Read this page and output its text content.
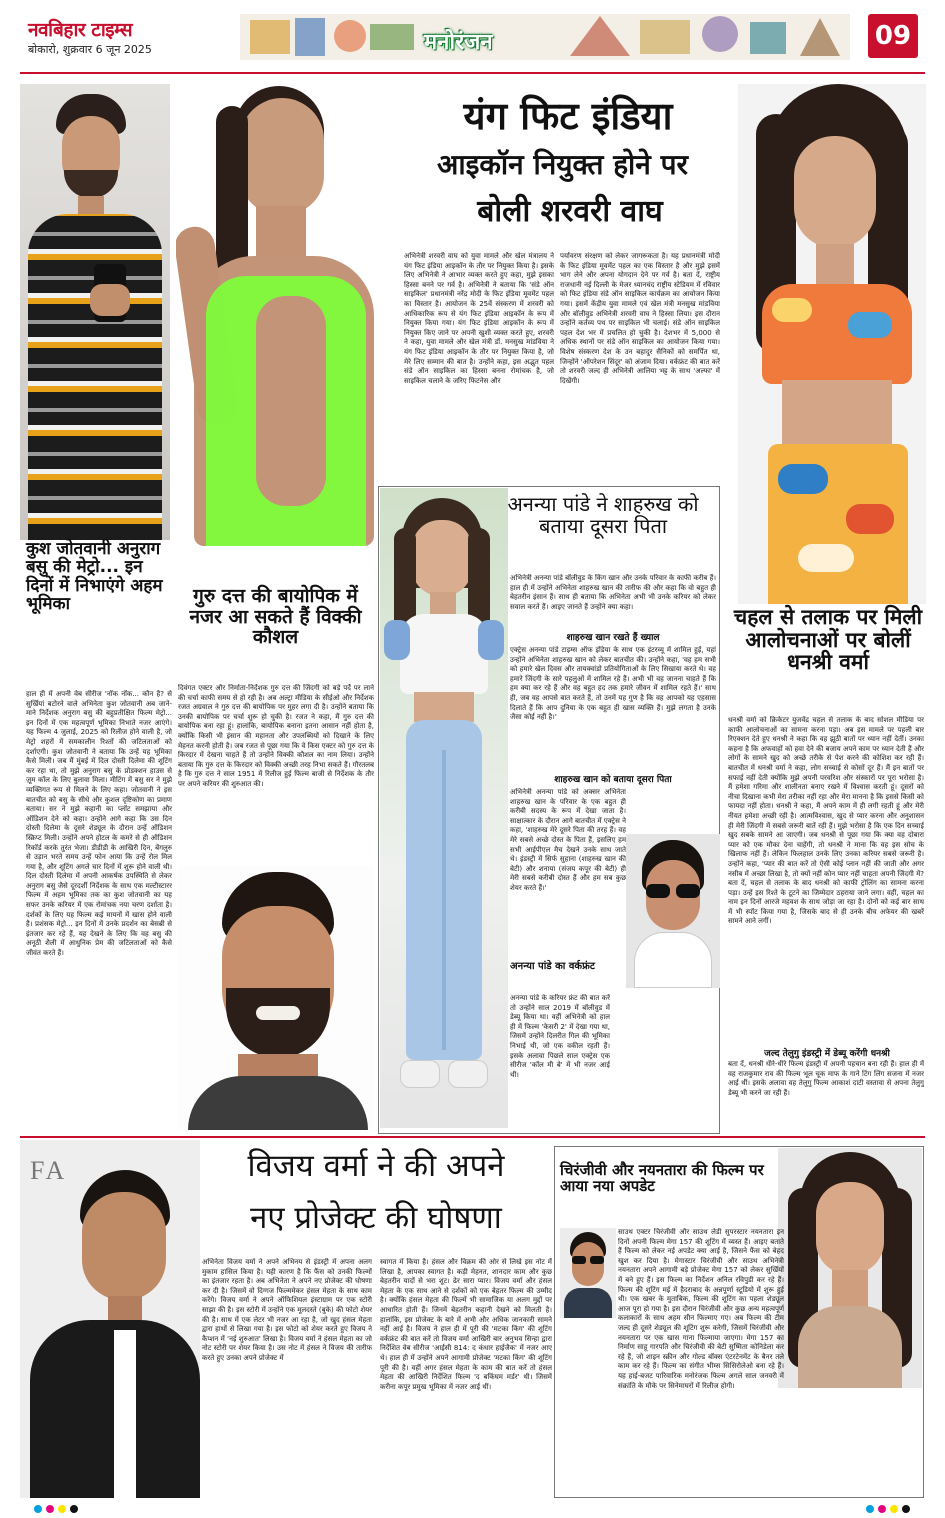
नवबिहार टाइम्स
बोकारो, शुक्रवार 6 जून 2025	मनोरंजन	09
कुश जोतवानी अनुराग बसु की मेट्रो... इन दिनों में निभाएंगे अहम भूमिका
हाल ही में अपनी वेब सीरीज 'नॉक नॉक... कौन है? से सुर्खियां बटोरने वाले अभिनेता कुश जोतवानी अब जाने-माने निर्देशक अनुराग बसु की बहुप्रतीक्षित फिल्म मेट्रो... इन दिनों में एक महत्वपूर्ण भूमिका निभाते नजर आएंगे। यह फिल्म 4 जुलाई, 2025 को रिलीज होने वाली है, जो मेट्रो शहरों में समकालीन रिश्तों की जटिलताओं को दर्शाएगी। कुश जोतवानी ने बताया कि उन्हें यह भूमिका कैसे मिली। जब मैं मुंबई में दिल दोस्ती दिलेमा की शूटिंग कर रहा था, तो मुझे अनुराग बसु के प्रोडक्शन हाउस से ज़ूम कॉल के लिए बुलावा मिला। मीटिंग में बसु सर ने मुझे व्यक्तिगत रूप से मिलने के लिए कहा। जोतवानी ने इस बातचीत को बसु के सीधे और कुशल दृष्टिकोण का प्रमाण बताया। सर ने मुझे कहानी का प्लॉट समझाया और ऑडिशन देने को कहा। उन्होंने आगे कहा कि उस दिन दोस्ती दिलेमा के दूसरे शेड्यूल के दौरान उन्हें ऑडिशन स्क्रिप्ट मिली। उन्होंने अपने होटल के कमरे से ही ऑडिशन रिकॉर्ड करके तुरंत भेजा। डीडीडी के आखिरी दिन, बेंगलुरु से उड़ान भरते समय उन्हें फोन आया कि उन्हें रोल मिल गया है, और शूटिंग अगले चार दिनों में शुरू होने वाली थी। दिल दोस्ती दिलेमा में अपनी आकर्षक उपस्थिति से लेकर अनुराग बसु जैसे दूरदर्शी निर्देशक के साथ एक मल्टीस्टारर फिल्म में अहम भूमिका तक का कुश जोतवानी का यह सफर उनके करियर में एक रोमांचक नया चरण दर्शाता है। दर्शकों के लिए यह फिल्म कई मायनों में खास होने वाली है। प्रशंसक मेट्रो... इन दिनों में उनके प्रदर्शन का बेसब्री से इंतजार कर रहे हैं, यह देखने के लिए कि वह बसु की अनूठी शैली में आधुनिक प्रेम की जटिलताओं को कैसे जीवंत करते हैं।
यंग फिट इंडिया
आइकॉन नियुक्त होने पर
बोली शरवरी वाघ
अभिनेत्री शरवरी वाघ को युवा मामले और खेल मंत्रालय ने यंग फिट इंडिया आइकॉन के तौर पर नियुक्त किया है। इसके लिए अभिनेत्री ने आभार व्यक्त करते हुए कहा, मुझे इसका हिस्सा बनने पर गर्व है। अभिनेत्री ने बताया कि 'संडे ऑन साइकिल' प्रधानमंत्री नरेंद्र मोदी के फिट इंडिया मूवमेंट पहल का विस्तार है। आयोजन के 25वें संस्करण में शरवरी को आधिकारिक रूप से यंग फिट इंडिया आइकॉन के रूप में नियुक्त किया गया। यंग फिट इंडिया आइकॉन के रूप में नियुक्त किए जाने पर अपनी खुशी व्यक्त करते हुए, शरवरी ने कहा, युवा मामले और खेल मंत्री डॉ. मनसुख मांडविया ने यंग फिट इंडिया आइकॉन के तौर पर नियुक्त किया है, जो मेरे लिए सम्मान की बात है। उन्होंने कहा, इस अद्भुत पहल संडे ऑन साइकिल का हिस्सा बनना रोमांचक है, जो साइकिल चलाने के जरिए फिटनेस और
पर्यावरण संरक्षण को लेकर जागरूकता है। यह प्रधानमंत्री मोदी के फिट इंडिया मूवमेंट पहल का एक विस्तार है और मुझे इसमें भाग लेने और अपना योगदान देने पर गर्व है। बता दें, राष्ट्रीय राजधानी नई दिल्ली के मेजर ध्यानचंद राष्ट्रीय स्टेडियम में रविवार को फिट इंडिया संडे ऑन साइकिल कार्यक्रम का आयोजन किया गया। इसमें केंद्रीय युवा मामले एवं खेल मंत्री मनसुख मांडविया और बॉलीवुड अभिनेत्री शरवरी वाघ ने हिस्सा लिया। इस दौरान उन्होंने कर्तव्य पथ पर साइकिल भी चलाई। संडे ऑन साइकिल पहल देश भर में प्रचलित हो चुकी है। देशभर में 5,000 से अधिक स्थानों पर संडे ऑन साइकिल का आयोजन किया गया। विशेष संस्करण देश के उन बहादुर सैनिकों को समर्पित था, जिन्होंने 'ऑपरेशन सिंदूर' को अंजाम दिया। वर्कफ्रंट की बात करें तो शरवरी जल्द ही अभिनेत्री आलिया भट्ट के साथ 'अल्फा' में दिखेंगी।
चहल से तलाक पर मिली आलोचनाओं पर बोलीं धनश्री वर्मा
धनश्री वर्मा को क्रिकेटर युजवेंद्र चहल से तलाक के बाद सोशल मीडिया पर काफी आलोचनाओं का सामना करना पड़ा। अब इस मामले पर पहली बार रिएक्शन देते हुए धनश्री ने कहा कि वह झूठी बातों पर ध्यान नहीं देतीं। उनका कहना है कि अफवाहों को हवा देने की बजाय अपने काम पर ध्यान देती हैं और लोगों के सामने खुद को अच्छे तरीके से पेश करने की कोशिश कर रही हैं। बातचीत में धनश्री वर्मा ने कहा, लोग सच्चाई से कोसों दूर हैं। मैं इन बातों पर सफाई नहीं देती क्योंकि मुझे अपनी परवरिश और संस्कारों पर पूरा भरोसा है। मैं हमेशा गरिमा और शालीनता बनाए रखने में विश्वास करती हूं। दूसरों को नीचा दिखाना कभी मेरा तरीका नहीं रहा और मेरा मानना है कि इससे किसी को फायदा नहीं होता। धनश्री ने कहा, मैं अपने काम में ही लगी रहती हूं और मेरी नीयत हमेशा अच्छी रही है। आत्मविश्वास, खुद से प्यार करना और अनुशासन ही मेरी जिंदगी में सबसे जरूरी बातें रही हैं। मुझे भरोसा है कि एक दिन सच्चाई खुद सबके सामने आ जाएगी। जब धनश्री से पूछा गया कि क्या वह दोबारा प्यार को एक मौका देना चाहेंगी, तो धनश्री ने माना कि वह इस सोच के खिलाफ नहीं हैं। लेकिन फिलहाल उनके लिए उनका करियर सबसे जरूरी है। उन्होंने कहा, 'प्यार की बात करें तो ऐसी कोई प्लान नहीं की जाती और अगर नसीब में अच्छा लिखा है, तो क्यों नहीं कोन प्यार नहीं चाहता अपनी जिंदगी में? बता दें, चहल से तलाक के बाद धनश्री को काफी ट्रोलिंग का सामना करना पड़ा। उन्हें इस रिश्ते के टूटने का जिम्मेदार ठहराया जाने लगा। वहीं, चहल का नाम इन दिनों आरजे महवश के साथ जोड़ा जा रहा है। दोनों को कई बार साथ में भी स्पॉट किया गया है, जिसके बाद से ही उनके बीच अफेयर की खबरें सामने आने लगीं।
जल्द तेलुगु इंडस्ट्री में डेब्यू करेंगी धनश्री
बता दें, धनश्री धीरे-धीरे फिल्म इंडस्ट्री में अपनी पहचान बना रही हैं। हाल ही में वह राजकुमार राव की फिल्म भूल चूक माफ के गाने टिंग लिंग सजना में नजर आई थीं। इसके अलावा वह तेलुगु फिल्म आकाशं दाटी वस्तावा से अपना तेलुगु डेब्यू भी करने जा रही हैं।
गुरु दत्त की बायोपिक में नजर आ सकते हैं विक्की कौशल
दिवंगत एक्टर और निर्माता-निर्देशक गुरु दत्त की जिंदगी को बड़े पर्दे पर लाने की चर्चा काफी समय से हो रही है। अब अल्ट्रा मीडिया के सीईओ और निर्देशक रजत अग्रवाल ने गुरु दत्त की बायोपिक पर मुहर लगा दी है। उन्होंने बताया कि उनकी बायोपिक पर चर्चा शुरू हो चुकी है। रजत ने कहा, मैं गुरु दत्त की बायोपिक बना रहा हूं। हालांकि, बायोपिक बनाना इतना आसान नहीं होता है, क्योंकि किसी भी इंसान की महानता और उपलब्धियों को दिखाने के लिए मेहनत करनी होती है। जब रजत से पूछा गया कि वे किस एक्टर को गुरु दत्त के किरदार में देखना चाहते हैं तो उन्होंने विक्की कौशल का नाम लिया। उन्होंने बताया कि गुरु दत्त के किरदार को विक्की अच्छी तरह निभा सकते हैं। गौरतलब है कि गुरु दत्त ने साल 1951 में रिलीज हुई फिल्म बाजी से निर्देशक के तौर पर अपने करियर की शुरुआत की।
अनन्या पांडे ने शाहरुख को बताया दूसरा पिता
अभिनेत्री अनन्या पांडे बॉलीवुड के किंग खान और उनके परिवार के काफी करीब हैं। हाल ही में उन्होंने अभिनेता शाहरुख खान की तारीफ की और कहा कि वो बहुत ही बेहतरीन इंसान हैं। साथ ही बताया कि अभिनेता अभी भी उनके करियर को लेकर सवाल करते हैं। आइए जानते हैं उन्होंने क्या कहा।
शाहरुख खान रखते हैं ख्याल
एक्ट्रेस अनन्या पांडे टाइम्स ऑफ इंडिया के साथ एक इंटरव्यू में शामिल हुईं, यहां उन्होंने अभिनेता शाहरुख खान को लेकर बातचीत की। उन्होंने कहा, 'वह हम सभी को हमारे खेल दिवस और तायक्वांडो प्रतियोगिताओं के लिए सिखाया करते थे। वह हमारे जिंदगी के सारे पहलुओं में शामिल रहे हैं। अभी भी वह जानना चाहते हैं कि हम क्या कर रहे हैं और वह बहुत हद तक हमारे जीवन में शामिल रहते हैं।' साथ ही, जब वह आपसे बात करते हैं, तो उनमें यह गुण है कि वह आपको यह एहसास दिलाते हैं कि आप दुनिया के एक बहुत ही खास व्यक्ति हैं। मुझे लगता है उनके जैसा कोई नहीं है।'
शाहरुख खान को बताया दूसरा पिता
अभिनेत्री अनन्या पांडे को अक्सर अभिनेता शाहरुख खान के परिवार के एक बहुत ही करीबी सदस्य के रूप में देखा जाता है। साक्षात्कार के दौरान आगे बातचीत में एक्ट्रेस ने कहा, 'शाहरुख मेरे दूसरे पिता की तरह हैं। वह मेरे सबसे अच्छे दोस्त के पिता हैं, इसलिए हम सभी आईपीएल मैच देखने उनके साथ जाते थे। इंडस्ट्री में सिर्फ सुहाना (शाहरुख खान की बेटी) और शनाया (संजय कपूर की बेटी) ही मेरी सबसे करीबी दोस्त हैं और हम सब कुछ शेयर करते हैं।'
अनन्या पांडे का वर्कफ्रंट
अनन्या पांडे के करियर फ्रंट की बात करें तो उन्होंने साल 2019 में बॉलीवुड में डेब्यू किया था। वहीं अभिनेत्री को हाल ही में फिल्म 'केसरी 2' में देखा गया था, जिसमें उन्होंने दिलरीत गिल की भूमिका निभाई थी, जो एक वकील रहती हैं। इसके अलावा पिछले साल एक्ट्रेस एक सीरीज 'कॉल मी बे' में भी नजर आई थीं।
FA	विजय वर्मा ने की अपने
नए प्रोजेक्ट की घोषणा
अभिनेता विजय वर्मा ने अपने अभिनय से इंडस्ट्री में अपना अलग मुकाम हासिल किया है। यही कारण है कि फैंस को उनकी फिल्मों का इंतजार रहता है। अब अभिनेता ने अपने नए प्रोजेक्ट की घोषणा कर दी है। जिसमें वो दिग्गज फिल्ममेकर हंसल मेहता के साथ काम करेंगे। विजय वर्मा ने अपने ऑफिशियल इंस्टाग्राम पर एक स्टोरी साझा की है। इस स्टोरी में उन्होंने एक मूलदस्ते (बुके) की फोटो शेयर की है। साथ में एक लेटर भी नजर आ रहा है, जो खुद हंसल मेहता द्वारा हाथों से लिखा गया है। इस फोटो को शेयर करते हुए विजय ने कैप्शन में 'नई शुरुआत' लिखा है। विजय वर्मा ने हंसल मेहता का जो नोट स्टोरी पर शेयर किया है। उस नोट में हंसल ने विजय की तारीफ करते हुए उनका अपने प्रोजेक्ट में
स्वागत में किया है। हंसल और विक्रम की ओर से लिखे इस नोट में लिखा है, आपका स्वागत है। कड़ी मेहनत, शानदार काम और कुछ बेहतरीन यादों से भरा शूट। ढेर सारा प्यार। विजय वर्मा और हंसल मेहता के एक साथ आने से दर्शकों को एक बेहतर फिल्म की उम्मीद है। क्योंकि हंसल मेहता की फिल्में भी सामाजिक या अलग मुद्दों पर आधारित होती हैं। जिनमें बेहतरीन कहानी देखने को मिलती है। हालांकि, इस प्रोजेक्ट के बारे में अभी और अधिक जानकारी सामने नहीं आई है। विजय ने हाल ही में पूरी की 'मटका किंग' की शूटिंग वर्कफ्रंट की बात करें तो विजय वर्मा आखिरी बार अनुभव सिन्हा द्वारा निर्देशित वेब सीरीज 'आईसी 814: द कंधार हाईजैक' में नजर आए थे। हाल ही में उन्होंने अपने आगामी प्रोजेक्ट 'मटका किंग' की शूटिंग पूरी की है। वहीं अगर हंसल मेहता के काम की बात करें तो हंसल मेहता की आखिरी निर्देशित फिल्म 'द बकिंघम मर्डर' थी। जिसमें करीना कपूर प्रमुख भूमिका में नजर आई थीं।
चिरंजीवी और नयनतारा की फिल्म पर आया नया अपडेट
साउथ एक्टर चिरंजीवी और साउथ लेडी सुपरस्टार नयनतारा इन दिनों अपनी फिल्म मेगा 157 की शूटिंग में व्यस्त हैं। आइए बताते हैं फिल्म को लेकर नई अपडेट क्या आई है, जिसने फैंस को बेहद खुश कर दिया है। मेगास्टार चिरंजीवी और साउथ अभिनेत्री नयनतारा अपने आगामी बड़े प्रोजेक्ट मेगा 157 को लेकर सुर्खियों में बने हुए हैं। इस फिल्म का निर्देशन अनिल रविपुडी कर रहे हैं। फिल्म की शूटिंग मई में हैदराबाद के अन्नपूर्णा स्टूडियो में शुरू हुई थी। एक खबर के मुताबिक, फिल्म की शूटिंग का पहला शेड्यूल आज पूरा हो गया है। इस दौरान चिरंजीवी और कुछ अन्य महत्वपूर्ण कलाकारों के साथ अहम सीन फिल्माए गए। अब फिल्म की टीम जल्द ही दूसरे शेड्यूल की शूटिंग शुरू करेगी, जिसमें चिरंजीवी और नयनतारा पर एक खास गाना फिल्माया जाएगा। मेगा 157 का निर्माण साहू गारपति और चिरंजीवी की बेटी सुष्मिता कोनिडेला कर रहे हैं, जो शाइन स्क्रीन और गोल्ड बॉक्स एंटरटेनमेंट के बैनर तले काम कर रहे हैं। फिल्म का संगीत भीम्स सिसिरोलेओ बना रहे हैं। यह हाई-बजट पारिवारिक मनोरंजक फिल्म अगले साल जनवरी में संक्रांति के मौके पर सिनेमाघरों में रिलीज होगी।
